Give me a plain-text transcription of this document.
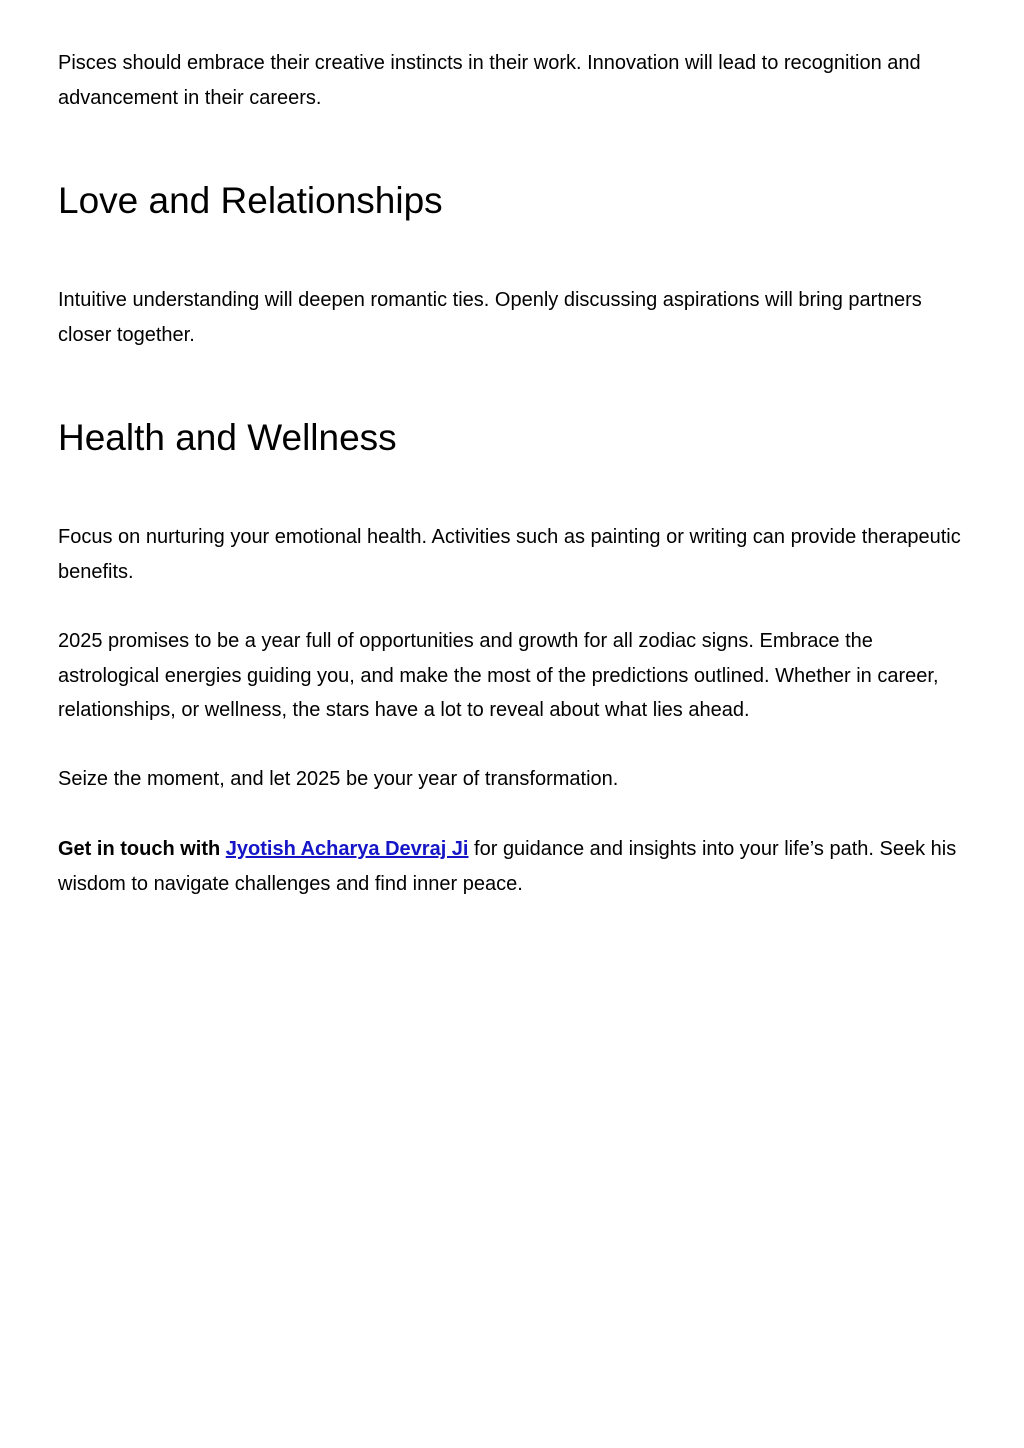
Pisces should embrace their creative instincts in their work. Innovation will lead to recognition and advancement in their careers.

Love and Relationships

Intuitive understanding will deepen romantic ties. Openly discussing aspirations will bring partners closer together.

Health and Wellness

Focus on nurturing your emotional health. Activities such as painting or writing can provide therapeutic benefits.

2025 promises to be a year full of opportunities and growth for all zodiac signs. Embrace the astrological energies guiding you, and make the most of the predictions outlined. Whether in career, relationships, or wellness, the stars have a lot to reveal about what lies ahead.

Seize the moment, and let 2025 be your year of transformation.

Get in touch with Jyotish Acharya Devraj Ji for guidance and insights into your life’s path. Seek his wisdom to navigate challenges and find inner peace.
